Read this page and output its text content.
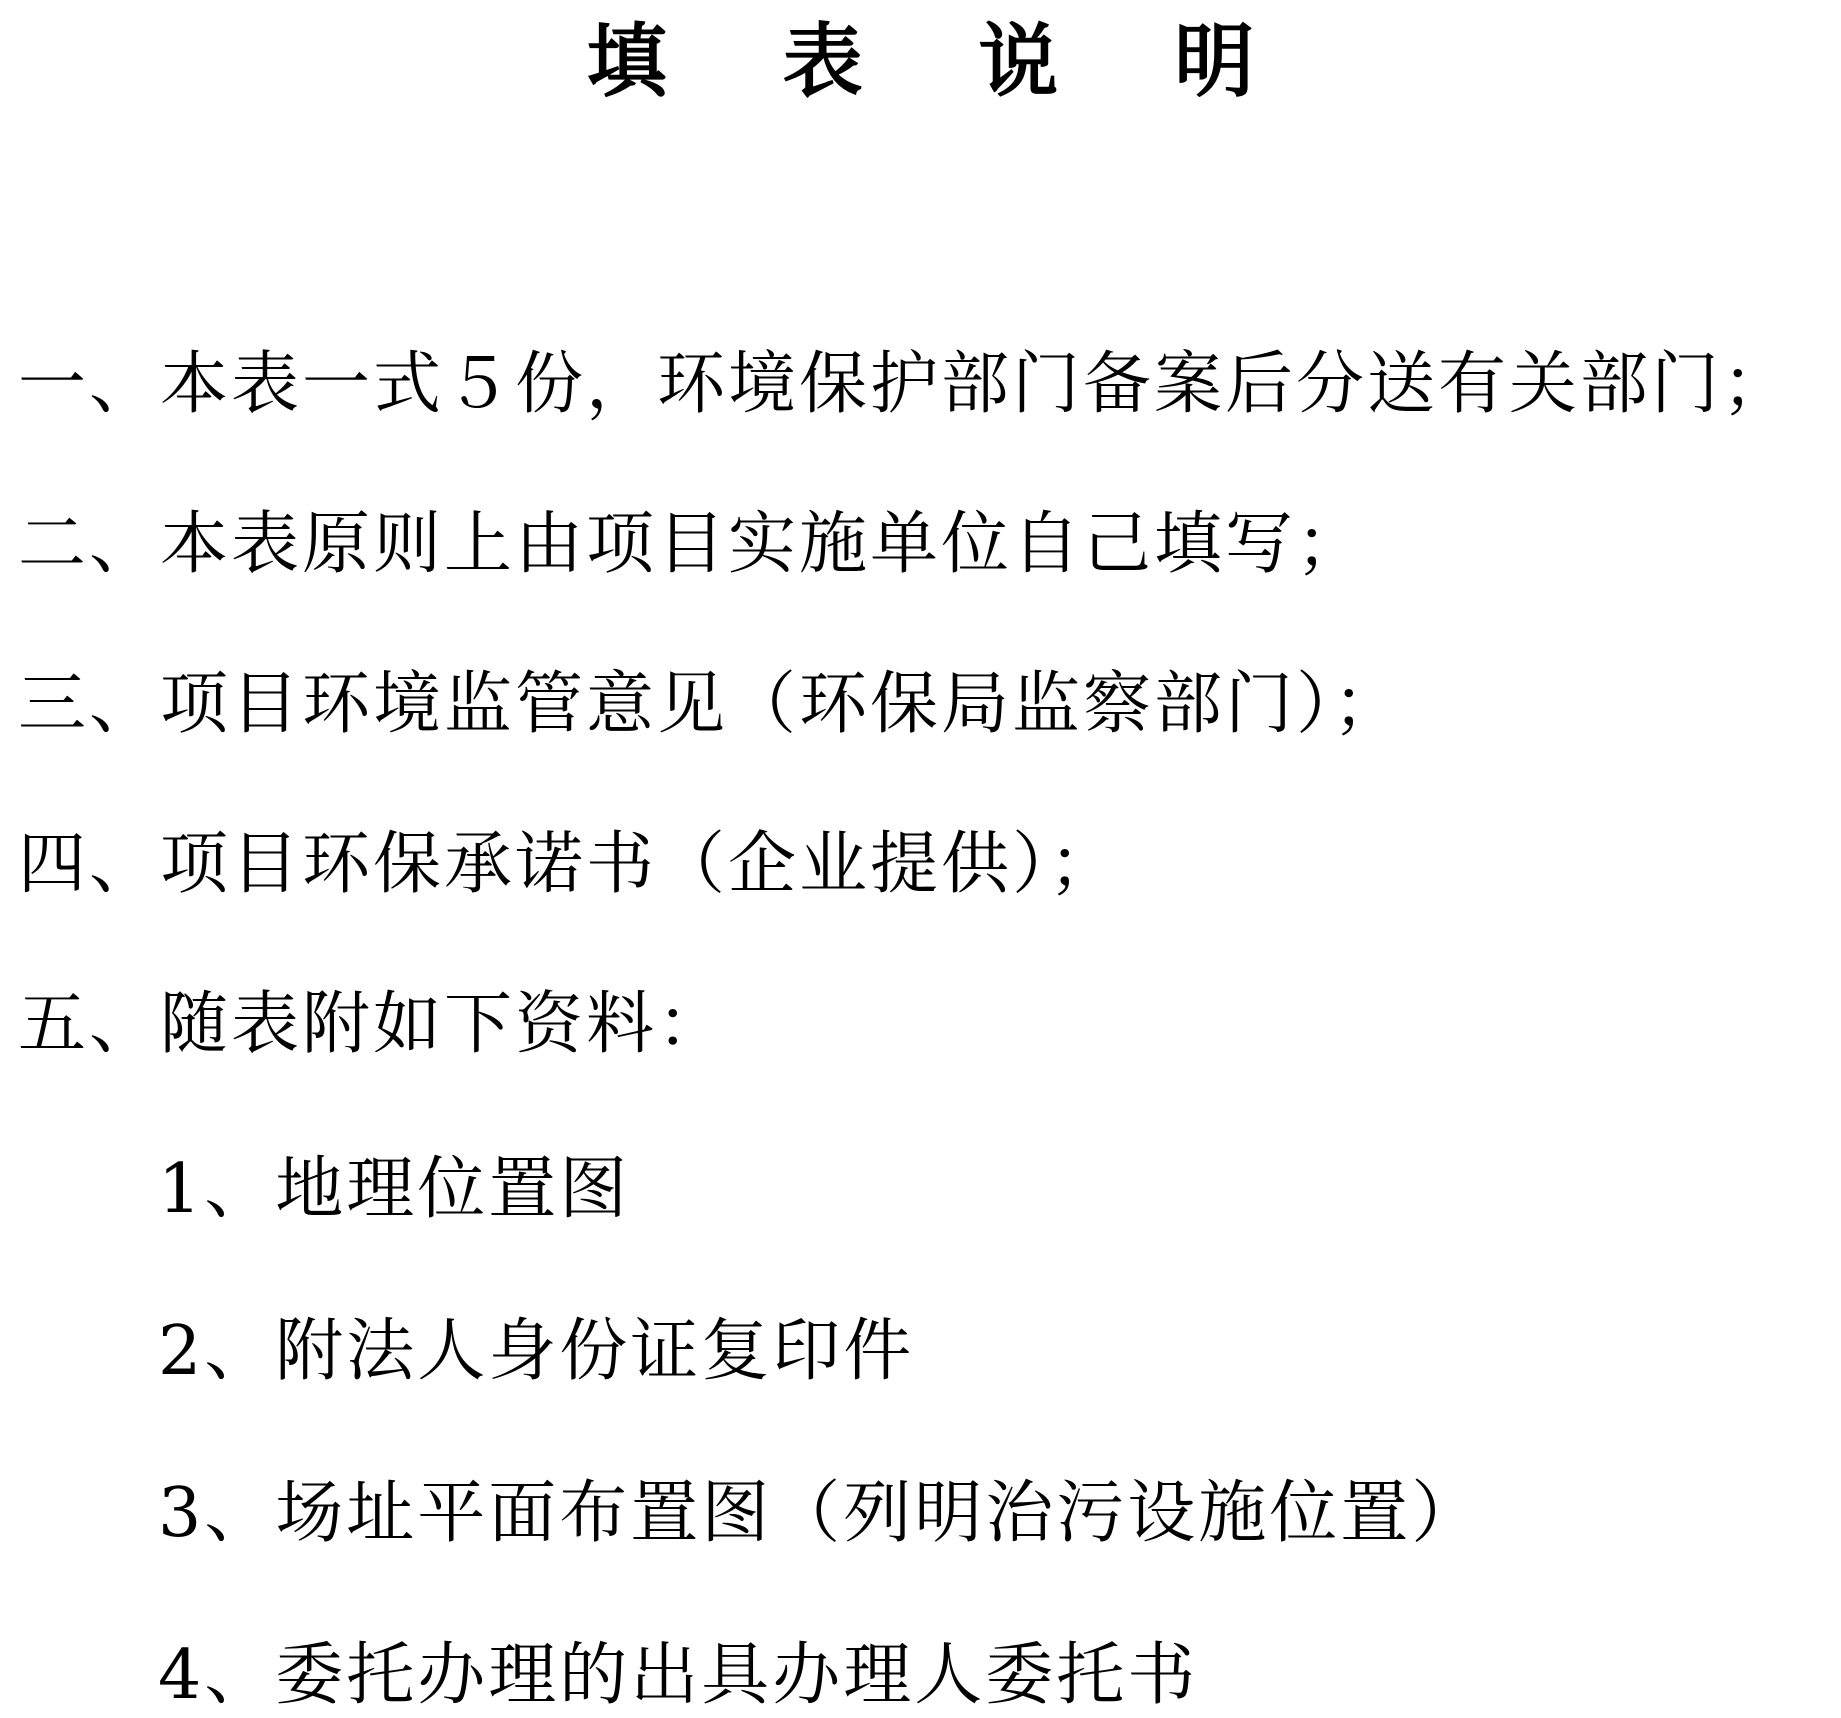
填 表 说 明
一、本表一式５份，环境保护部门备案后分送有关部门；
二、本表原则上由项目实施单位自己填写；
三、项目环境监管意见（环保局监察部门）；
四、项目环保承诺书（企业提供）；
五、随表附如下资料：
1、地理位置图
2、附法人身份证复印件
3、场址平面布置图（列明治污设施位置）
4、委托办理的出具办理人委托书
